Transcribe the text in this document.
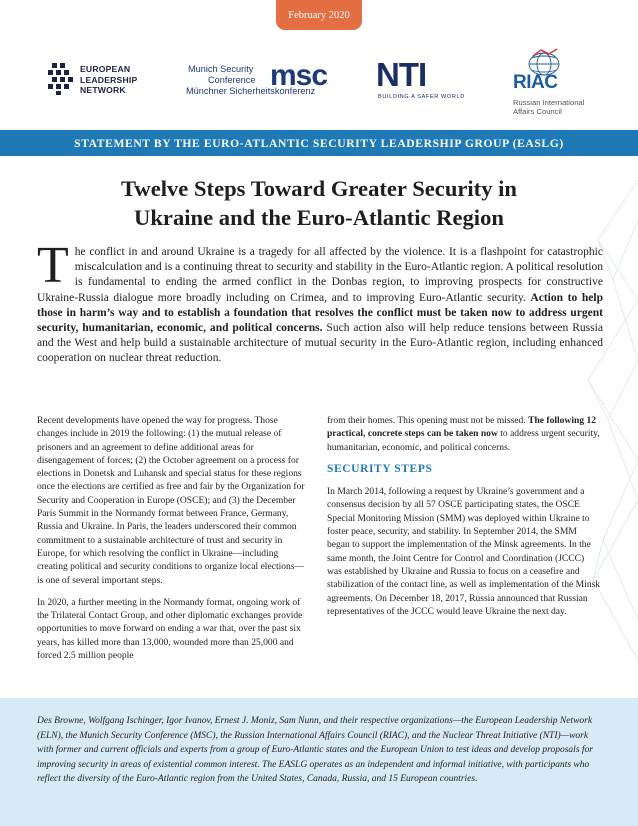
February 2020
EUROPEAN
LEADERSHIP
NETWORK
Munich Security
Conference
Münchner Sicherheitskonferenz
msc NTI
BUILDING A SAFER WORLD
RIAC
Russian International
Affairs Council
STATEMENT BY THE EURO-ATLANTIC SECURITY LEADERSHIP GROUP (EASLG)
Twelve Steps Toward Greater Security in
Ukraine and the Euro-Atlantic Region
T he conflict in and around Ukraine is a tragedy for all affected by the violence. It is a flashpoint for catastrophic miscalculation and is a continuing threat to security and stability in the Euro-Atlantic region. A political resolution is fundamental to ending the armed conflict in the Donbas region, to improving prospects for constructive Ukraine-Russia dialogue more broadly including on Crimea, and to improving Euro-Atlantic security. Action to help those in harm’s way and to establish a foundation that resolves the conflict must be taken now to address urgent security, humanitarian, economic, and political concerns. Such action also will help reduce tensions between Russia and the West and help build a sustainable architecture of mutual security in the Euro-Atlantic region, including enhanced cooperation on nuclear threat reduction.

Recent developments have opened the way for progress. Those changes include in 2019 the following: (1) the mutual release of prisoners and an agreement to define additional areas for disengagement of forces; (2) the October agreement on a process for elections in Donetsk and Luhansk and special status for these regions once the elections are certified as free and fair by the Organization for Security and Cooperation in Europe (OSCE); and (3) the December Paris Summit in the Normandy format between France, Germany, Russia and Ukraine. In Paris, the leaders underscored their common commitment to a sustainable architecture of trust and security in Europe, for which resolving the conflict in Ukraine—including creating political and security conditions to organize local elections—is one of several important steps.

In 2020, a further meeting in the Normandy format, ongoing work of the Trilateral Contact Group, and other diplomatic exchanges provide opportunities to move forward on ending a war that, over the past six years, has killed more than 13,000, wounded more than 25,000 and forced 2.5 million people

from their homes. This opening must not be missed. The following 12 practical, concrete steps can be taken now to address urgent security, humanitarian, economic, and political concerns.

SECURITY STEPS

In March 2014, following a request by Ukraine’s government and a consensus decision by all 57 OSCE participating states, the OSCE Special Monitoring Mission (SMM) was deployed within Ukraine to foster peace, security, and stability. In September 2014, the SMM began to support the implementation of the Minsk agreements. In the same month, the Joint Centre for Control and Coordination (JCCC) was established by Ukraine and Russia to focus on a ceasefire and stabilization of the contact line, as well as implementation of the Minsk agreements. On December 18, 2017, Russia announced that Russian representatives of the JCCC would leave Ukraine the next day.

Des Browne, Wolfgang Ischinger, Igor Ivanov, Ernest J. Moniz, Sam Nunn, and their respective organizations—the European Leadership Network (ELN), the Munich Security Conference (MSC), the Russian International Affairs Council (RIAC), and the Nuclear Threat Initiative (NTI)—work with former and current officials and experts from a group of Euro-Atlantic states and the European Union to test ideas and develop proposals for improving security in areas of existential common interest. The EASLG operates as an independent and informal initiative, with participants who reflect the diversity of the Euro-Atlantic region from the United States, Canada, Russia, and 15 European countries.
